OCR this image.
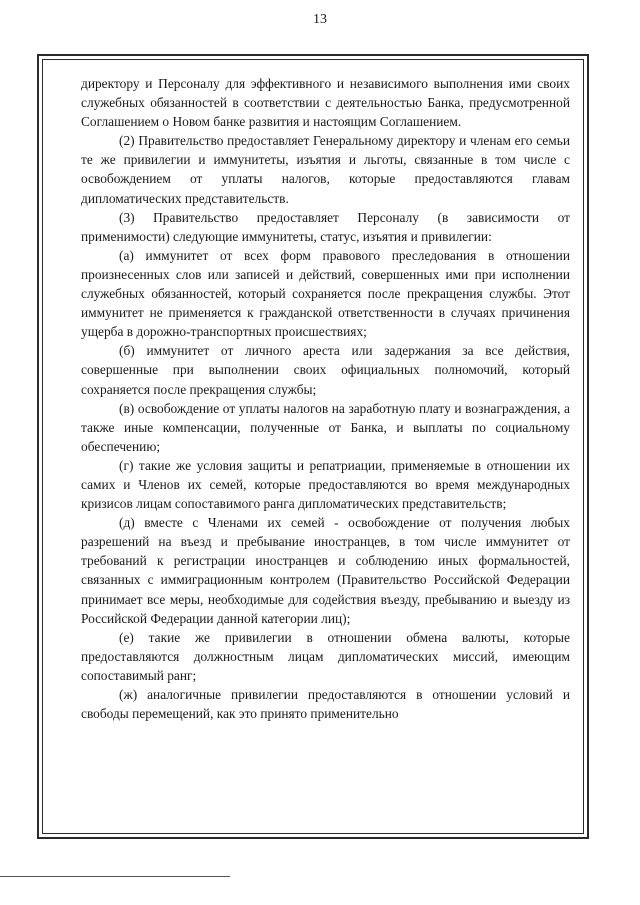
13

директору и Персоналу для эффективного и независимого выполнения ими своих служебных обязанностей в соответствии с деятельностью Банка, предусмотренной Соглашением о Новом банке развития и настоящим Соглашением.

(2) Правительство предоставляет Генеральному директору и членам его семьи те же привилегии и иммунитеты, изъятия и льготы, связанные в том числе с освобождением от уплаты налогов, которые предоставляются главам дипломатических представительств.

(3) Правительство предоставляет Персоналу (в зависимости от применимости) следующие иммунитеты, статус, изъятия и привилегии:

(а) иммунитет от всех форм правового преследования в отношении произнесенных слов или записей и действий, совершенных ими при исполнении служебных обязанностей, который сохраняется после прекращения службы. Этот иммунитет не применяется к гражданской ответственности в случаях причинения ущерба в дорожно-транспортных происшествиях;

(б) иммунитет от личного ареста или задержания за все действия, совершенные при выполнении своих официальных полномочий, который сохраняется после прекращения службы;

(в) освобождение от уплаты налогов на заработную плату и вознаграждения, а также иные компенсации, полученные от Банка, и выплаты по социальному обеспечению;

(г) такие же условия защиты и репатриации, применяемые в отношении их самих и Членов их семей, которые предоставляются во время международных кризисов лицам сопоставимого ранга дипломатических представительств;

(д) вместе с Членами их семей - освобождение от получения любых разрешений на въезд и пребывание иностранцев, в том числе иммунитет от требований к регистрации иностранцев и соблюдению иных формальностей, связанных с иммиграционным контролем (Правительство Российской Федерации принимает все меры, необходимые для содействия въезду, пребыванию и выезду из Российской Федерации данной категории лиц);

(е) такие же привилегии в отношении обмена валюты, которые предоставляются должностным лицам дипломатических миссий, имеющим сопоставимый ранг;

(ж) аналогичные привилегии предоставляются в отношении условий и свободы перемещений, как это принято применительно
